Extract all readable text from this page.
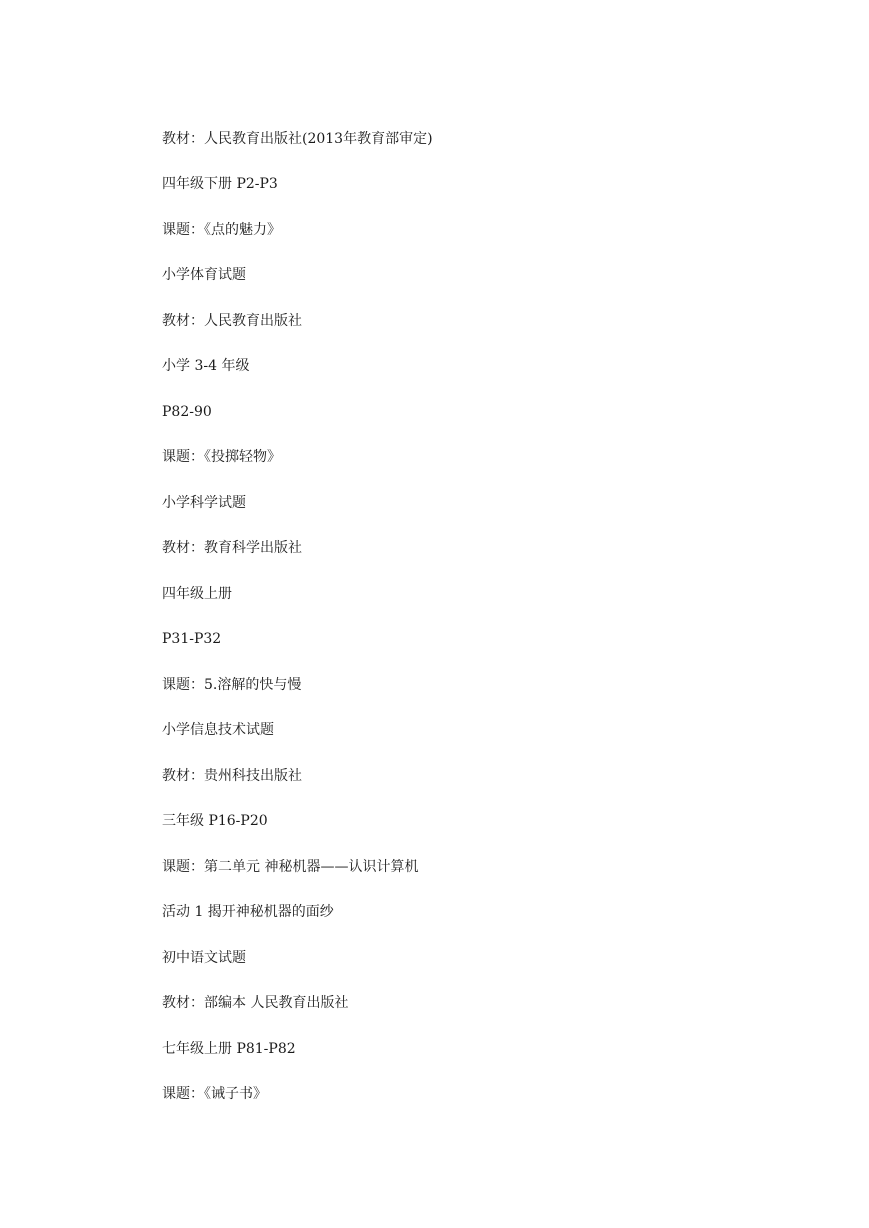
教材：人民教育出版社(2013年教育部审定)
四年级下册 P2-P3
课题：《点的魅力》
小学体育试题
教材：人民教育出版社
小学 3-4 年级
P82-90
课题：《投掷轻物》
小学科学试题
教材：教育科学出版社
四年级上册
P31-P32
课题：5.溶解的快与慢
小学信息技术试题
教材：贵州科技出版社
三年级 P16-P20
课题：第二单元 神秘机器——认识计算机
活动 1 揭开神秘机器的面纱
初中语文试题
教材：部编本 人民教育出版社
七年级上册 P81-P82
课题：《诫子书》
